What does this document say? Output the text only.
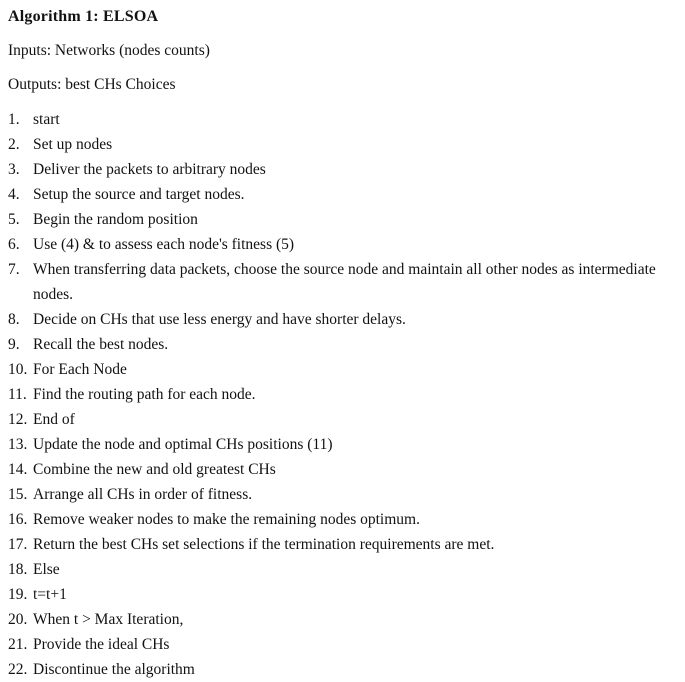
Algorithm 1: ELSOA
Inputs: Networks (nodes counts)
Outputs: best CHs Choices
1. start
2. Set up nodes
3. Deliver the packets to arbitrary nodes
4. Setup the source and target nodes.
5. Begin the random position
6. Use (4) & to assess each node's fitness (5)
7. When transferring data packets, choose the source node and maintain all other nodes as intermediate nodes.
8. Decide on CHs that use less energy and have shorter delays.
9. Recall the best nodes.
10. For Each Node
11. Find the routing path for each node.
12. End of
13. Update the node and optimal CHs positions (11)
14. Combine the new and old greatest CHs
15. Arrange all CHs in order of fitness.
16. Remove weaker nodes to make the remaining nodes optimum.
17. Return the best CHs set selections if the termination requirements are met.
18. Else
19. t=t+1
20. When t > Max Iteration,
21. Provide the ideal CHs
22. Discontinue the algorithm
